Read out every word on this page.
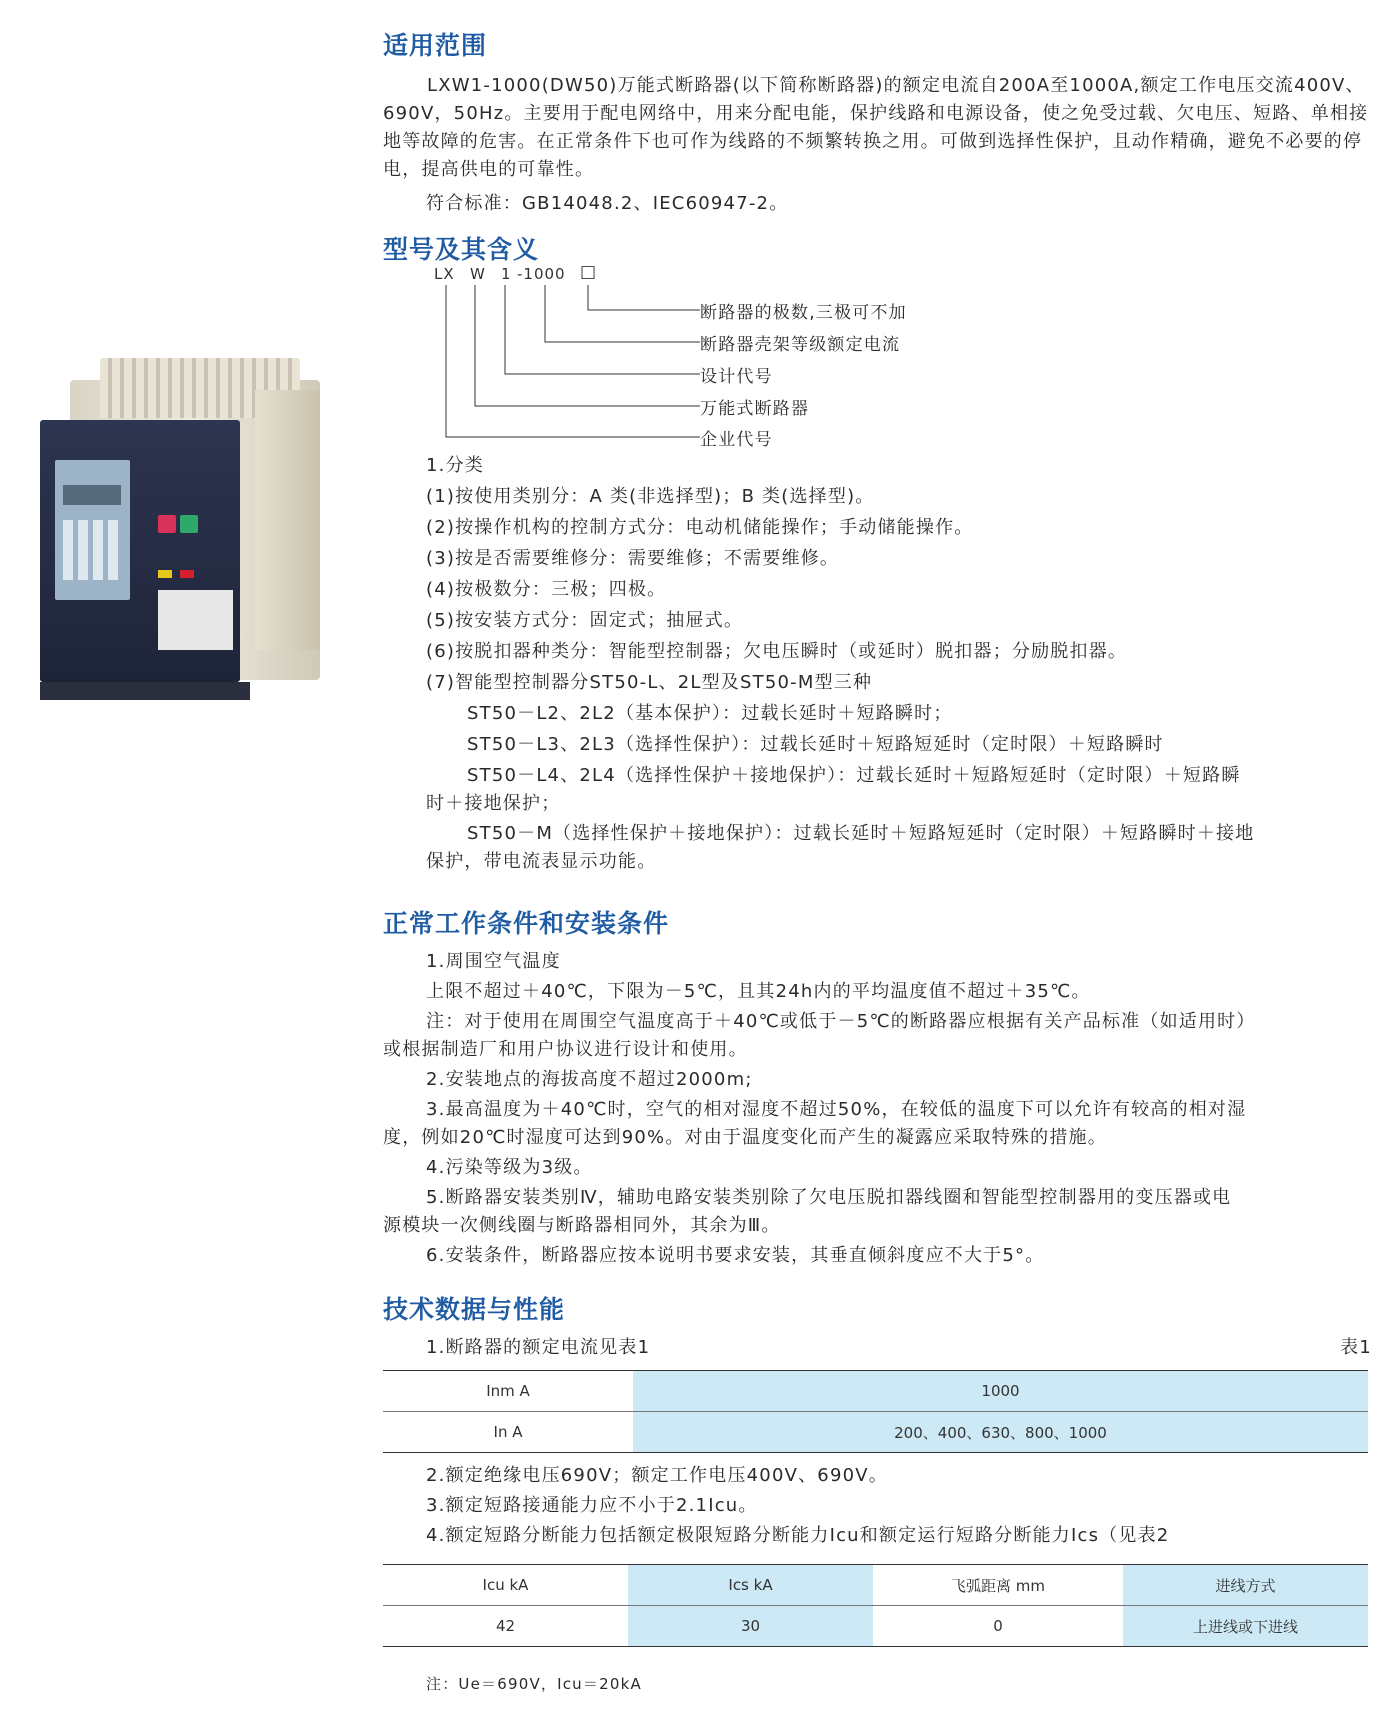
适用范围

LXW1-1000(DW50)万能式断路器(以下简称断路器)的额定电流自200A至1000A,额定工作电压交流400V、690V，50Hz。主要用于配电网络中，用来分配电能，保护线路和电源设备，使之免受过载、欠电压、短路、单相接地等故障的危害。在正常条件下也可作为线路的不频繁转换之用。可做到选择性保护，且动作精确，避免不必要的停电，提高供电的可靠性。

符合标准：GB14048.2、IEC60947-2。

型号及其含义

LX W 1 -1000 □

断路器的极数,三极可不加

断路器壳架等级额定电流

设计代号

万能式断路器

企业代号

1.分类

(1)按使用类别分：A 类(非选择型)；B 类(选择型)。

(2)按操作机构的控制方式分：电动机储能操作；手动储能操作。

(3)按是否需要维修分：需要维修；不需要维修。

(4)按极数分：三极；四极。

(5)按安装方式分：固定式；抽屉式。

(6)按脱扣器种类分：智能型控制器；欠电压瞬时（或延时）脱扣器；分励脱扣器。

(7)智能型控制器分ST50-L、2L型及ST50-M型三种

ST50－L2、2L2（基本保护）：过载长延时＋短路瞬时；

ST50－L3、2L3（选择性保护）：过载长延时＋短路短延时（定时限）＋短路瞬时

ST50－L4、2L4（选择性保护＋接地保护）：过载长延时＋短路短延时（定时限）＋短路瞬

时＋接地保护；

ST50－M（选择性保护＋接地保护）：过载长延时＋短路短延时（定时限）＋短路瞬时＋接地

保护，带电流表显示功能。

正常工作条件和安装条件

1.周围空气温度

上限不超过＋40℃，下限为－5℃，且其24h内的平均温度值不超过＋35℃。

注：对于使用在周围空气温度高于＋40℃或低于－5℃的断路器应根据有关产品标准（如适用时）

或根据制造厂和用户协议进行设计和使用。

2.安装地点的海拔高度不超过2000m;

3.最高温度为＋40℃时，空气的相对湿度不超过50%，在较低的温度下可以允许有较高的相对湿

度，例如20℃时湿度可达到90%。对由于温度变化而产生的凝露应采取特殊的措施。

4.污染等级为3级。

5.断路器安装类别Ⅳ，辅助电路安装类别除了欠电压脱扣器线圈和智能型控制器用的变压器或电

源模块一次侧线圈与断路器相同外，其余为Ⅲ。

6.安装条件，断路器应按本说明书要求安装，其垂直倾斜度应不大于5°。

技术数据与性能

1.断路器的额定电流见表1	表1

Inm A	1000
In A	200、400、630、800、1000

2.额定绝缘电压690V；额定工作电压400V、690V。

3.额定短路接通能力应不小于2.1Icu。

4.额定短路分断能力包括额定极限短路分断能力Icu和额定运行短路分断能力Ics（见表2

Icu kA	Ics kA	飞弧距离 mm	进线方式
42	30	0	上进线或下进线

注：Ue＝690V，Icu＝20kA
